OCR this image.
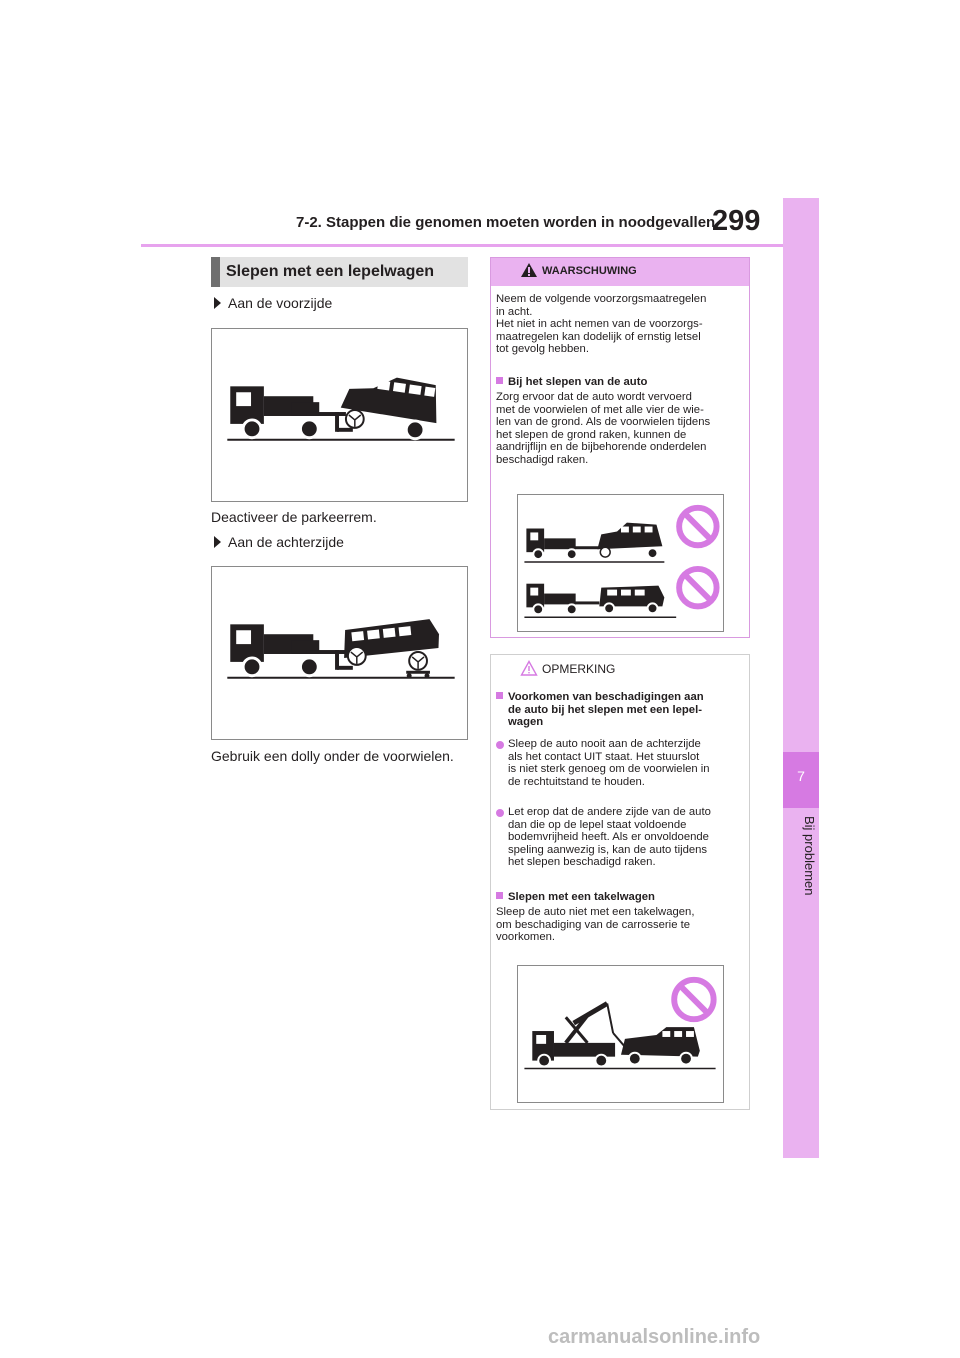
7-2. Stappen die genomen moeten worden in noodgevallen
299
7
Bij problemen
Slepen met een lepelwagen
Aan de voorzijde
Deactiveer de parkeerrem.
Aan de achterzijde
Gebruik een dolly onder de voorwielen.
WAARSCHUWING
Neem de volgende voorzorgsmaatregelen
in acht.
Het niet in acht nemen van de voorzorgs-
maatregelen kan dodelijk of ernstig letsel
tot gevolg hebben.
Bij het slepen van de auto
Zorg ervoor dat de auto wordt vervoerd
met de voorwielen of met alle vier de wie-
len van de grond. Als de voorwielen tijdens
het slepen de grond raken, kunnen de
aandrijflijn en de bijbehorende onderdelen
beschadigd raken.
OPMERKING
Voorkomen van beschadigingen aan
de auto bij het slepen met een lepel-
wagen
Sleep de auto nooit aan de achterzijde
als het contact UIT staat. Het stuurslot
is niet sterk genoeg om de voorwielen in
de rechtuitstand te houden.
Let erop dat de andere zijde van de auto
dan die op de lepel staat voldoende
bodemvrijheid heeft. Als er onvoldoende
speling aanwezig is, kan de auto tijdens
het slepen beschadigd raken.
Slepen met een takelwagen
Sleep de auto niet met een takelwagen,
om beschadiging van de carrosserie te
voorkomen.
carmanualsonline.info
